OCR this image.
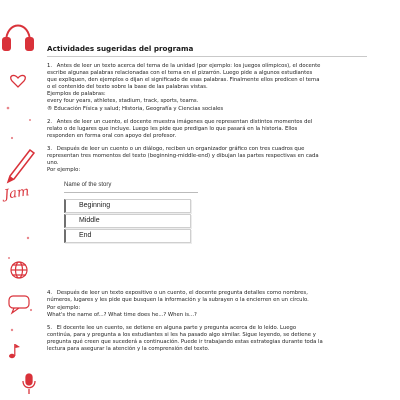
Jam
Actividades sugeridas del programa

1. Antes de leer un texto acerca del tema de la unidad (por ejemplo: los juegos olímpicos), el docente

escribe algunas palabras relacionadas con el tema en el pizarrón. Luego pide a algunos estudiantes

que expliquen, den ejemplos o dijan el significado de esas palabras. Finalmente ellos predicen el tema

o el contenido del texto sobre la base de las palabras vistas.

Ejemplos de palabras:

every four years, athletes, stadium, track, sports, teams.

® Educación Física y salud; Historia, Geografía y Ciencias sociales

2. Antes de leer un cuento, el docente muestra imágenes que representan distintos momentos del

relato o de lugares que incluye. Luego les pide que predigan lo que pasará en la historia. Ellos

responden en forma oral con apoyo del profesor.

3. Después de leer un cuento o un diálogo, reciben un organizador gráfico con tres cuadros que

representan tres momentos del texto (beginning-middle-end) y dibujan las partes respectivas en cada

uno.

Por ejemplo:

Name of the story
Beginning
Middle
End

4. Después de leer un texto expositivo o un cuento, el docente pregunta detalles como nombres,

números, lugares y les pide que busquen la información y la subrayen o la encierren en un círculo.

Por ejemplo:

What's the name of...? What time does he...? When is...?

5. El docente lee un cuento, se detiene en alguna parte y pregunta acerca de lo leído. Luego

continúa, para y pregunta a los estudiantes si les ha pasado algo similar. Sigue leyendo, se detiene y

pregunta qué creen que sucederá a continuación. Puede ir trabajando estas estrategias durante toda la

lectura para asegurar la atención y la comprensión del texto.
